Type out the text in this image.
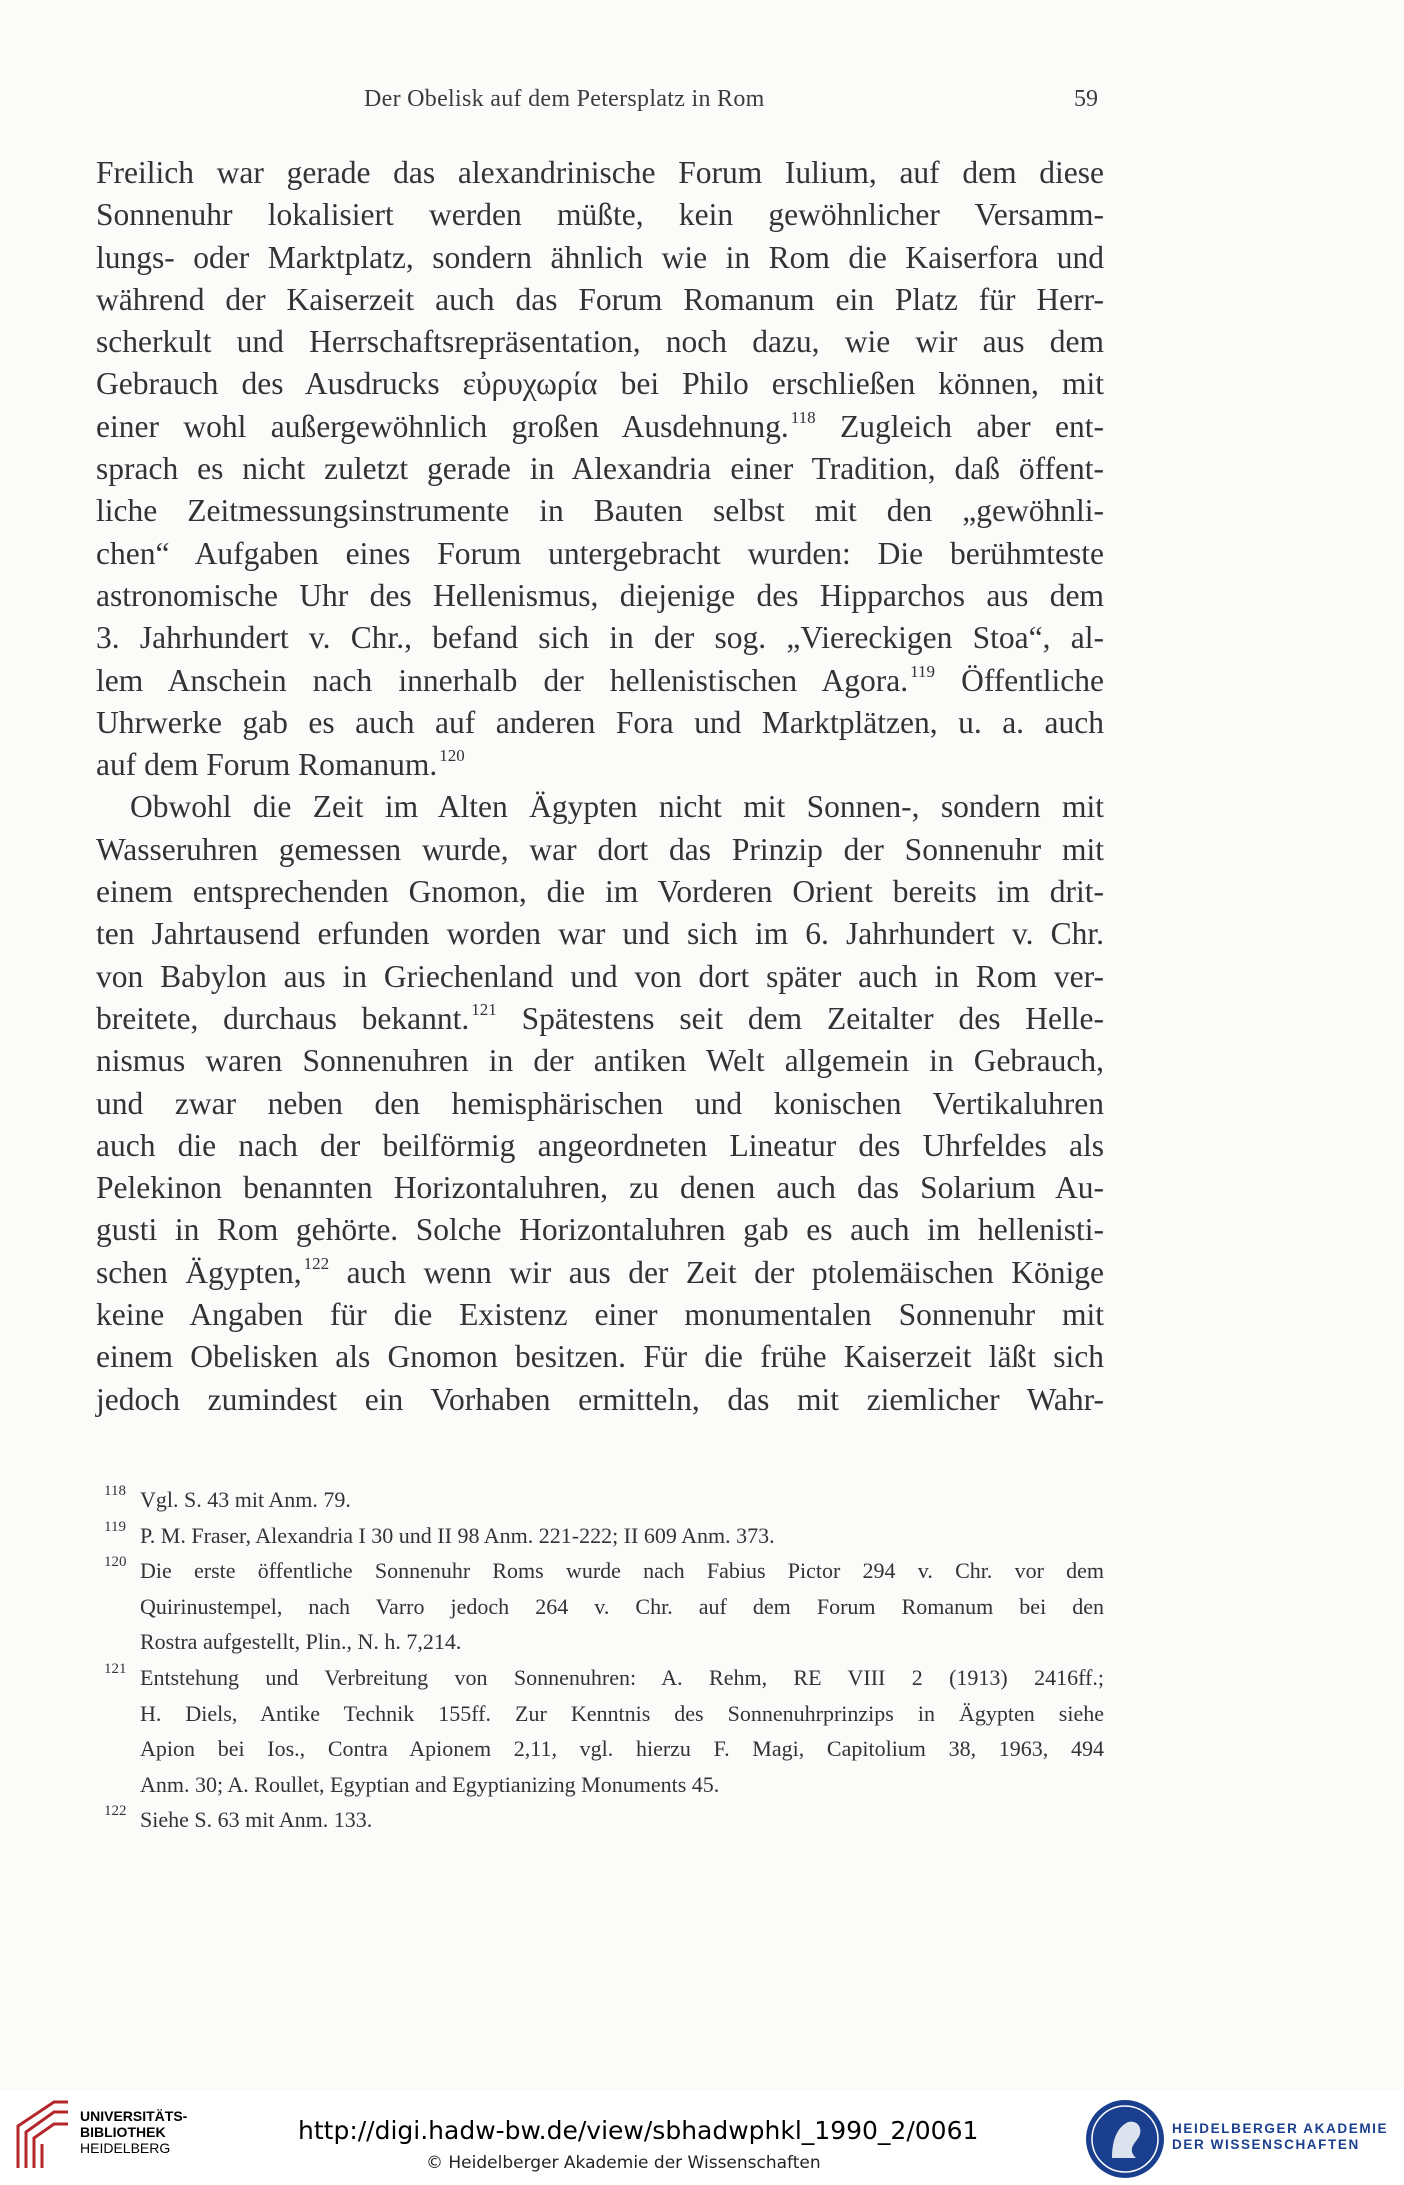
Der Obelisk auf dem Petersplatz in Rom	59
Freilich war gerade das alexandrinische Forum Iulium, auf dem diese
Sonnenuhr lokalisiert werden müßte, kein gewöhnlicher Versamm-
lungs- oder Marktplatz, sondern ähnlich wie in Rom die Kaiserfora und
während der Kaiserzeit auch das Forum Romanum ein Platz für Herr-
scherkult und Herrschaftsrepräsentation, noch dazu, wie wir aus dem
Gebrauch des Ausdrucks εὐρυχωρία bei Philo erschließen können, mit
einer wohl außergewöhnlich großen Ausdehnung. $^{118}$ Zugleich aber ent-
sprach es nicht zuletzt gerade in Alexandria einer Tradition, daß öffent-
liche Zeitmessungsinstrumente in Bauten selbst mit den „gewöhnli-
chen“ Aufgaben eines Forum untergebracht wurden: Die berühmteste
astronomische Uhr des Hellenismus, diejenige des Hipparchos aus dem
3. Jahrhundert v. Chr., befand sich in der sog. „Viereckigen Stoa“, al-
lem Anschein nach innerhalb der hellenistischen Agora. $^{119}$ Öffentliche
Uhrwerke gab es auch auf anderen Fora und Marktplätzen, u. a. auch
auf dem Forum Romanum. $^{120}$
Obwohl die Zeit im Alten Ägypten nicht mit Sonnen-, sondern mit
Wasseruhren gemessen wurde, war dort das Prinzip der Sonnenuhr mit
einem entsprechenden Gnomon, die im Vorderen Orient bereits im drit-
ten Jahrtausend erfunden worden war und sich im 6. Jahrhundert v. Chr.
von Babylon aus in Griechenland und von dort später auch in Rom ver-
breitete, durchaus bekannt. $^{121}$ Spätestens seit dem Zeitalter des Helle-
nismus waren Sonnenuhren in der antiken Welt allgemein in Gebrauch,
und zwar neben den hemisphärischen und konischen Vertikaluhren
auch die nach der beilförmig angeordneten Lineatur des Uhrfeldes als
Pelekinon benannten Horizontaluhren, zu denen auch das Solarium Au-
gusti in Rom gehörte. Solche Horizontaluhren gab es auch im hellenisti-
schen Ägypten, $^{122}$ auch wenn wir aus der Zeit der ptolemäischen Könige
keine Angaben für die Existenz einer monumentalen Sonnenuhr mit
einem Obelisken als Gnomon besitzen. Für die frühe Kaiserzeit läßt sich
jedoch zumindest ein Vorhaben ermitteln, das mit ziemlicher Wahr-
118 Vgl. S. 43 mit Anm. 79.
119 P. M. Fraser, Alexandria I 30 und II 98 Anm. 221-222; II 609 Anm. 373.
120 Die erste öffentliche Sonnenuhr Roms wurde nach Fabius Pictor 294 v. Chr. vor dem
Quirinustempel, nach Varro jedoch 264 v. Chr. auf dem Forum Romanum bei den
Rostra aufgestellt, Plin., N. h. 7,214.
121 Entstehung und Verbreitung von Sonnenuhren: A. Rehm, RE VIII 2 (1913) 2416ff.;
H. Diels, Antike Technik 155ff. Zur Kenntnis des Sonnenuhrprinzips in Ägypten siehe
Apion bei Ios., Contra Apionem 2,11, vgl. hierzu F. Magi, Capitolium 38, 1963, 494
Anm. 30; A. Roullet, Egyptian and Egyptianizing Monuments 45.
122 Siehe S. 63 mit Anm. 133.
UNIVERSITÄTS-
BIBLIOTHEK
HEIDELBERG
http://digi.hadw-bw.de/view/sbhadwphkl_1990_2/0061
© Heidelberger Akademie der Wissenschaften
HEIDELBERGER AKADEMIE
DER WISSENSCHAFTEN
